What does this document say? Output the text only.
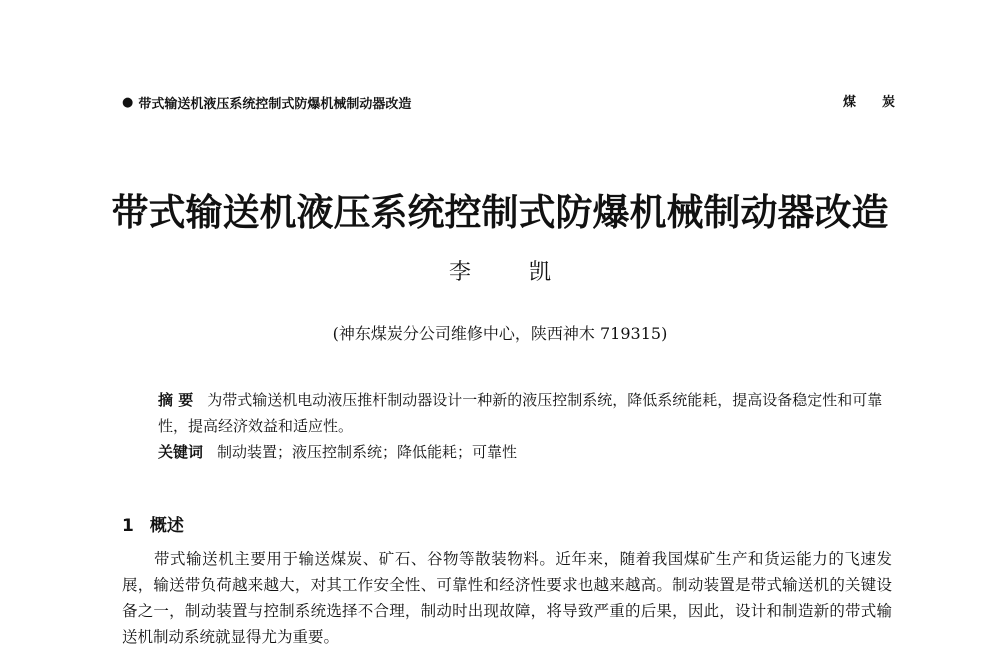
● 带式输送机液压系统控制式防爆机械制动器改造	煤炭
带式输送机液压系统控制式防爆机械制动器改造
李凯
(神东煤炭分公司维修中心，陕西神木 719315)

摘 要 为带式输送机电动液压推杆制动器设计一种新的液压控制系统，降低系统能耗，提高设备稳定性和可靠性，提高经济效益和适应性。

关键词 制动装置；液压控制系统；降低能耗；可靠性

1 概述

带式输送机主要用于输送煤炭、矿石、谷物等散装物料。近年来，随着我国煤矿生产和货运能力的飞速发展，输送带负荷越来越大，对其工作安全性、可靠性和经济性要求也越来越高。制动装置是带式输送机的关键设备之一，制动装置与控制系统选择不合理，制动时出现故障，将导致严重的后果，因此，设计和制造新的带式输送机制动系统就显得尤为重要。
